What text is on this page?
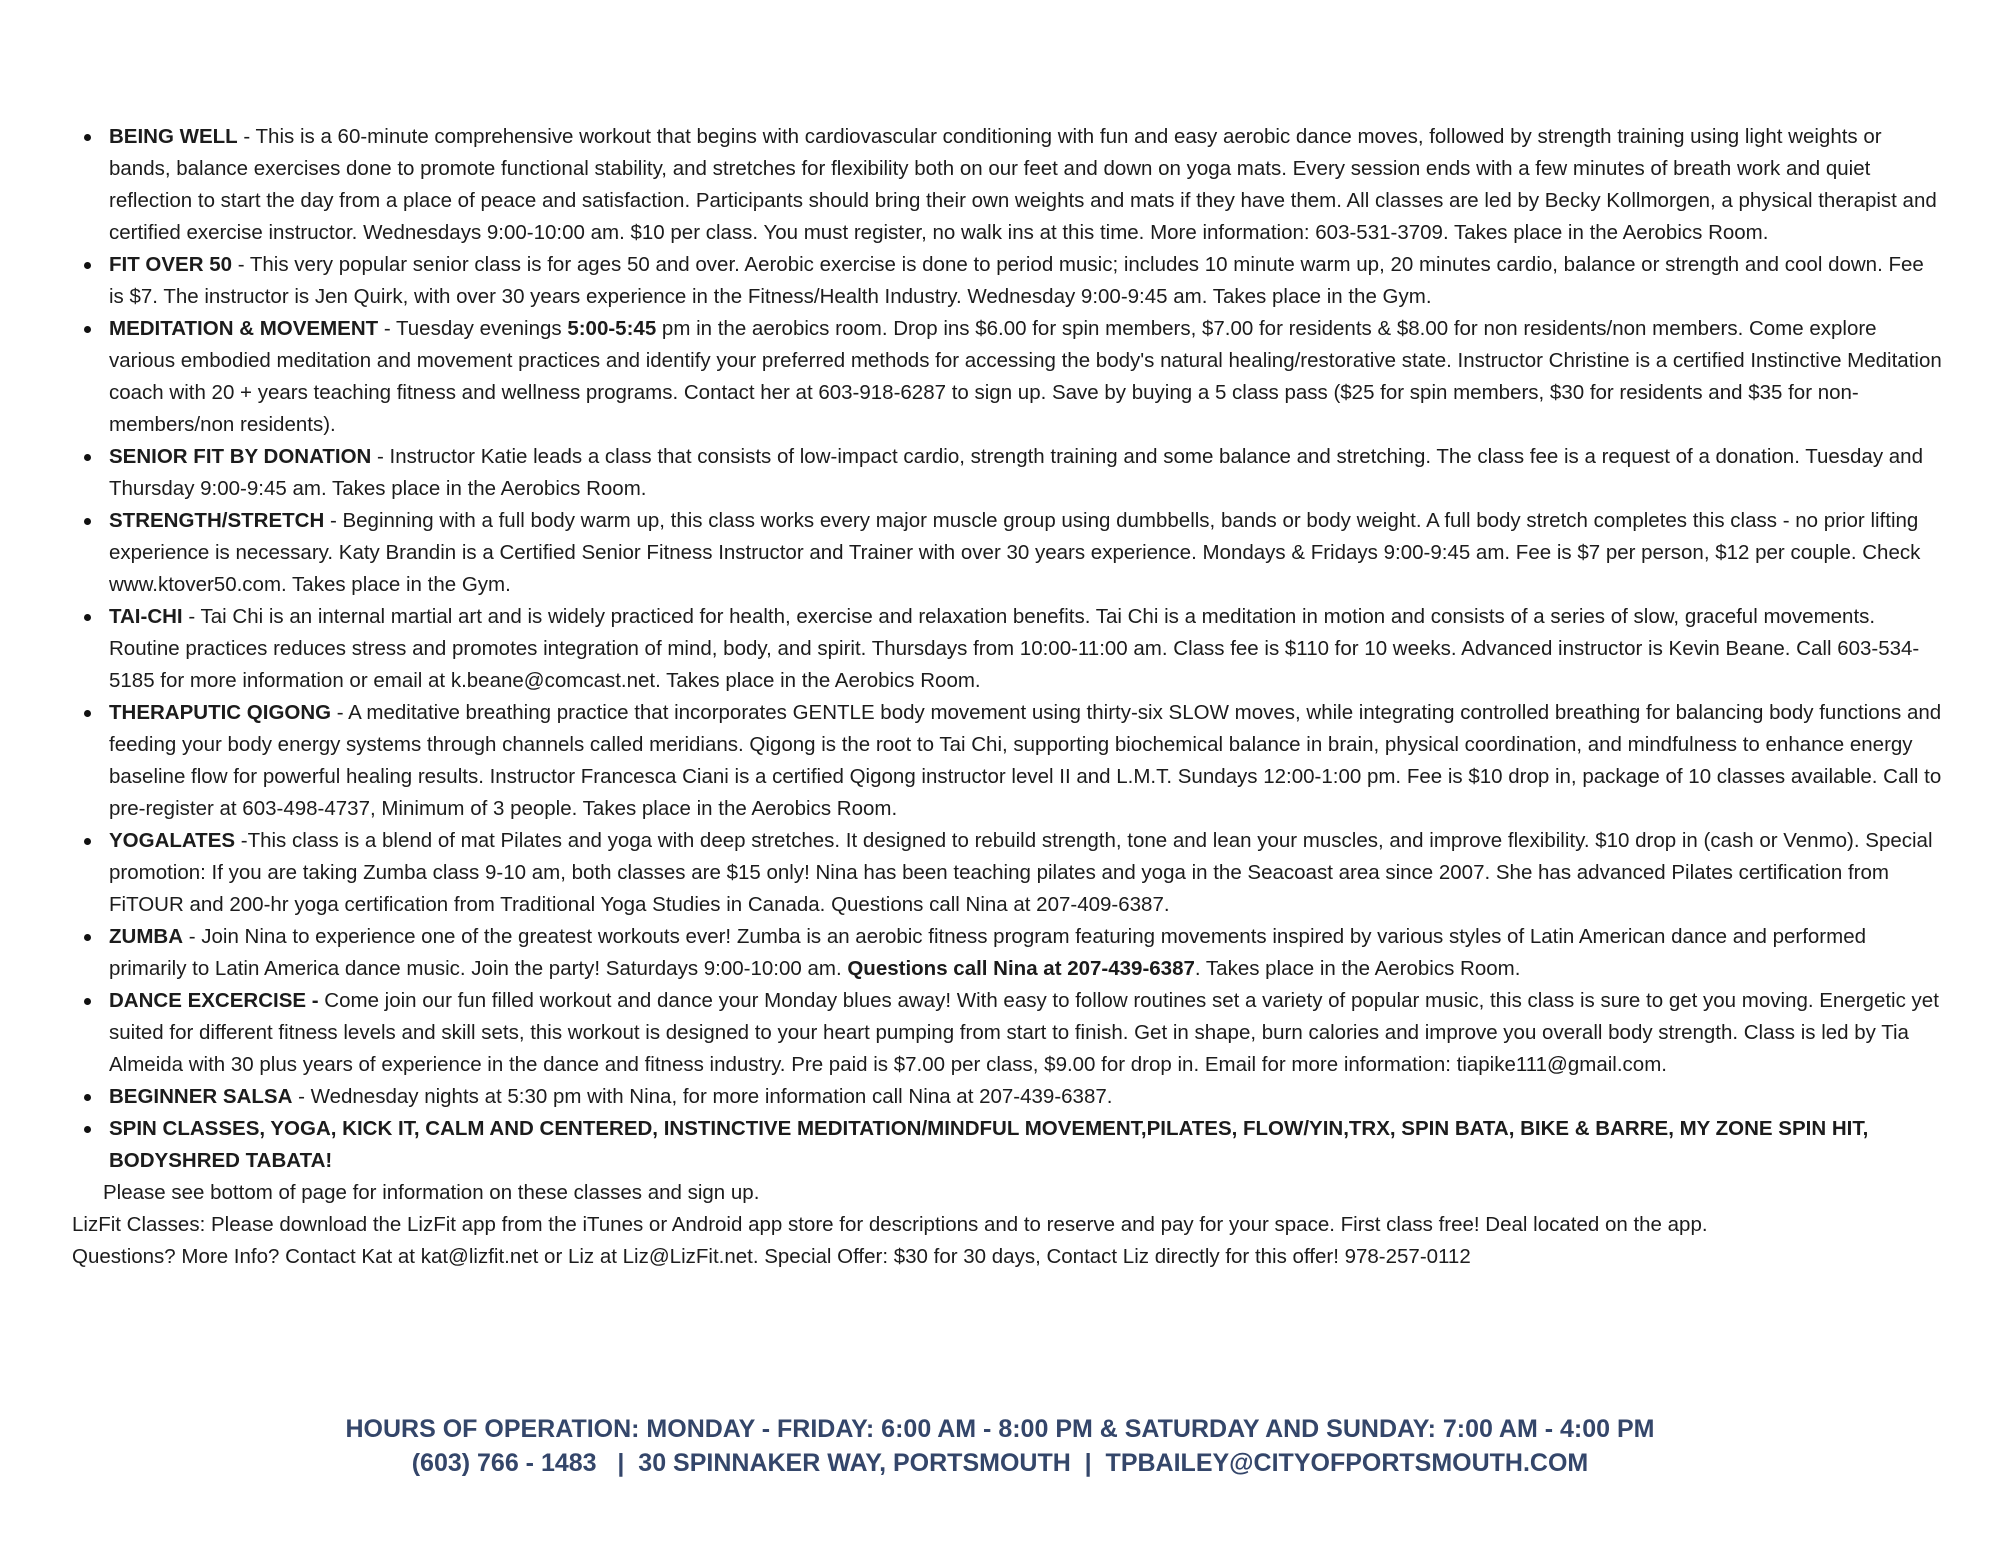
BEING WELL - This is a 60-minute comprehensive workout that begins with cardiovascular conditioning with fun and easy aerobic dance moves, followed by strength training using light weights or bands, balance exercises done to promote functional stability, and stretches for flexibility both on our feet and down on yoga mats. Every session ends with a few minutes of breath work and quiet reflection to start the day from a place of peace and satisfaction. Participants should bring their own weights and mats if they have them. All classes are led by Becky Kollmorgen, a physical therapist and certified exercise instructor. Wednesdays 9:00-10:00 am. $10 per class. You must register, no walk ins at this time. More information: 603-531-3709. Takes place in the Aerobics Room.
FIT OVER 50 - This very popular senior class is for ages 50 and over. Aerobic exercise is done to period music; includes 10 minute warm up, 20 minutes cardio, balance or strength and cool down. Fee is $7. The instructor is Jen Quirk, with over 30 years experience in the Fitness/Health Industry. Wednesday 9:00-9:45 am. Takes place in the Gym.
MEDITATION & MOVEMENT - Tuesday evenings 5:00-5:45 pm in the aerobics room. Drop ins $6.00 for spin members, $7.00 for residents & $8.00 for non residents/non members. Come explore various embodied meditation and movement practices and identify your preferred methods for accessing the body's natural healing/restorative state. Instructor Christine is a certified Instinctive Meditation coach with 20 + years teaching fitness and wellness programs. Contact her at 603-918-6287 to sign up. Save by buying a 5 class pass ($25 for spin members, $30 for residents and $35 for non-members/non residents).
SENIOR FIT BY DONATION - Instructor Katie leads a class that consists of low-impact cardio, strength training and some balance and stretching. The class fee is a request of a donation. Tuesday and Thursday 9:00-9:45 am. Takes place in the Aerobics Room.
STRENGTH/STRETCH - Beginning with a full body warm up, this class works every major muscle group using dumbbells, bands or body weight. A full body stretch completes this class - no prior lifting experience is necessary. Katy Brandin is a Certified Senior Fitness Instructor and Trainer with over 30 years experience. Mondays & Fridays 9:00-9:45 am. Fee is $7 per person, $12 per couple. Check www.ktover50.com. Takes place in the Gym.
TAI-CHI - Tai Chi is an internal martial art and is widely practiced for health, exercise and relaxation benefits. Tai Chi is a meditation in motion and consists of a series of slow, graceful movements. Routine practices reduces stress and promotes integration of mind, body, and spirit. Thursdays from 10:00-11:00 am. Class fee is $110 for 10 weeks. Advanced instructor is Kevin Beane. Call 603-534-5185 for more information or email at k.beane@comcast.net. Takes place in the Aerobics Room.
THERAPUTIC QIGONG - A meditative breathing practice that incorporates GENTLE body movement using thirty-six SLOW moves, while integrating controlled breathing for balancing body functions and feeding your body energy systems through channels called meridians. Qigong is the root to Tai Chi, supporting biochemical balance in brain, physical coordination, and mindfulness to enhance energy baseline flow for powerful healing results. Instructor Francesca Ciani is a certified Qigong instructor level II and L.M.T. Sundays 12:00-1:00 pm. Fee is $10 drop in, package of 10 classes available. Call to pre-register at 603-498-4737, Minimum of 3 people. Takes place in the Aerobics Room.
YOGALATES -This class is a blend of mat Pilates and yoga with deep stretches. It designed to rebuild strength, tone and lean your muscles, and improve flexibility. $10 drop in (cash or Venmo). Special promotion: If you are taking Zumba class 9-10 am, both classes are $15 only! Nina has been teaching pilates and yoga in the Seacoast area since 2007. She has advanced Pilates certification from FiTOUR and 200-hr yoga certification from Traditional Yoga Studies in Canada. Questions call Nina at 207-409-6387.
ZUMBA - Join Nina to experience one of the greatest workouts ever! Zumba is an aerobic fitness program featuring movements inspired by various styles of Latin American dance and performed primarily to Latin America dance music. Join the party! Saturdays 9:00-10:00 am. Questions call Nina at 207-439-6387. Takes place in the Aerobics Room.
DANCE EXCERCISE - Come join our fun filled workout and dance your Monday blues away! With easy to follow routines set a variety of popular music, this class is sure to get you moving. Energetic yet suited for different fitness levels and skill sets, this workout is designed to your heart pumping from start to finish. Get in shape, burn calories and improve you overall body strength. Class is led by Tia Almeida with 30 plus years of experience in the dance and fitness industry. Pre paid is $7.00 per class, $9.00 for drop in. Email for more information: tiapike111@gmail.com.
BEGINNER SALSA - Wednesday nights at 5:30 pm with Nina, for more information call Nina at 207-439-6387.
SPIN CLASSES, YOGA, KICK IT, CALM AND CENTERED, INSTINCTIVE MEDITATION/MINDFUL MOVEMENT,PILATES, FLOW/YIN,TRX, SPIN BATA, BIKE & BARRE, MY ZONE SPIN HIT, BODYSHRED TABATA!
Please see bottom of page for information on these classes and sign up.
LizFit Classes: Please download the LizFit app from the iTunes or Android app store for descriptions and to reserve and pay for your space. First class free! Deal located on the app.
Questions? More Info? Contact Kat at kat@lizfit.net or Liz at Liz@LizFit.net. Special Offer: $30 for 30 days, Contact Liz directly for this offer! 978-257-0112
HOURS OF OPERATION: MONDAY - FRIDAY: 6:00 AM - 8:00 PM & SATURDAY AND SUNDAY: 7:00 AM - 4:00 PM
(603) 766 - 1483   |  30 SPINNAKER WAY, PORTSMOUTH  |  TPBAILEY@CITYOFPORTSMOUTH.COM
